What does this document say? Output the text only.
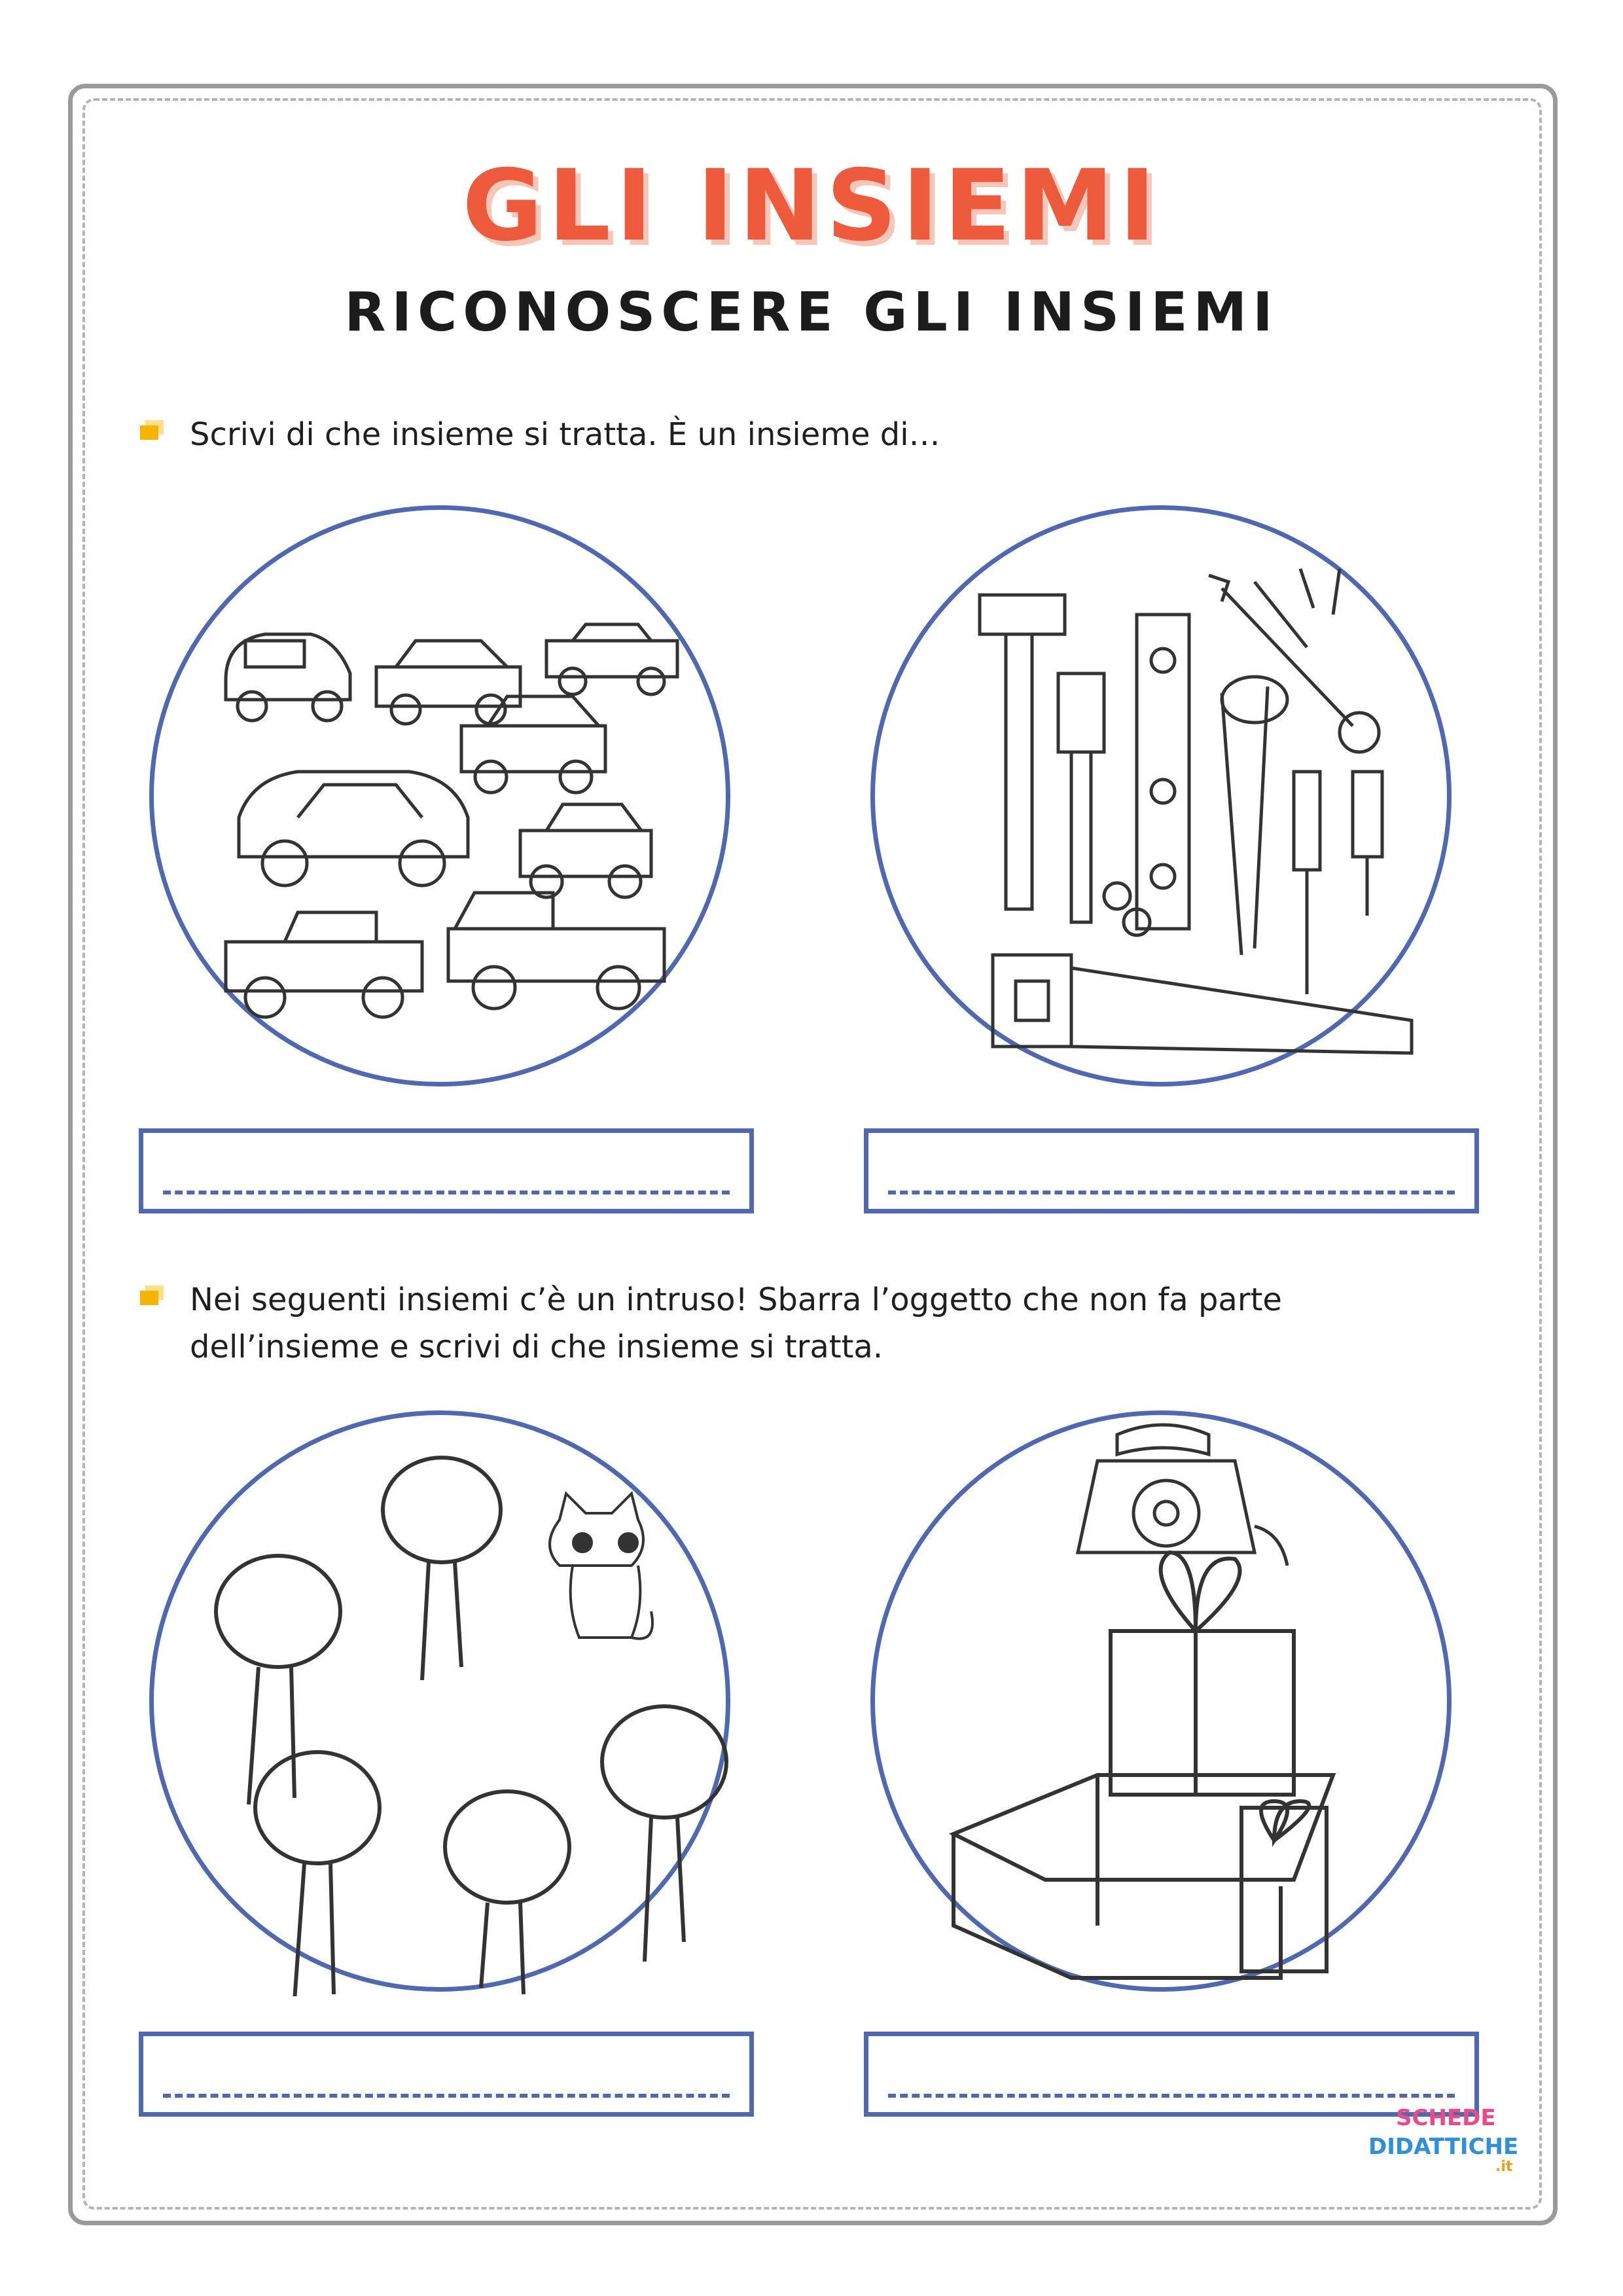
GLI INSIEMI
RICONOSCERE GLI INSIEMI
Scrivi di che insieme si tratta. È un insieme di…
Nei seguenti insiemi c’è un intruso! Sbarra l’oggetto che non fa parte
dell’insieme e scrivi di che insieme si tratta.
SCHEDE
DIDATTICHE
.it
